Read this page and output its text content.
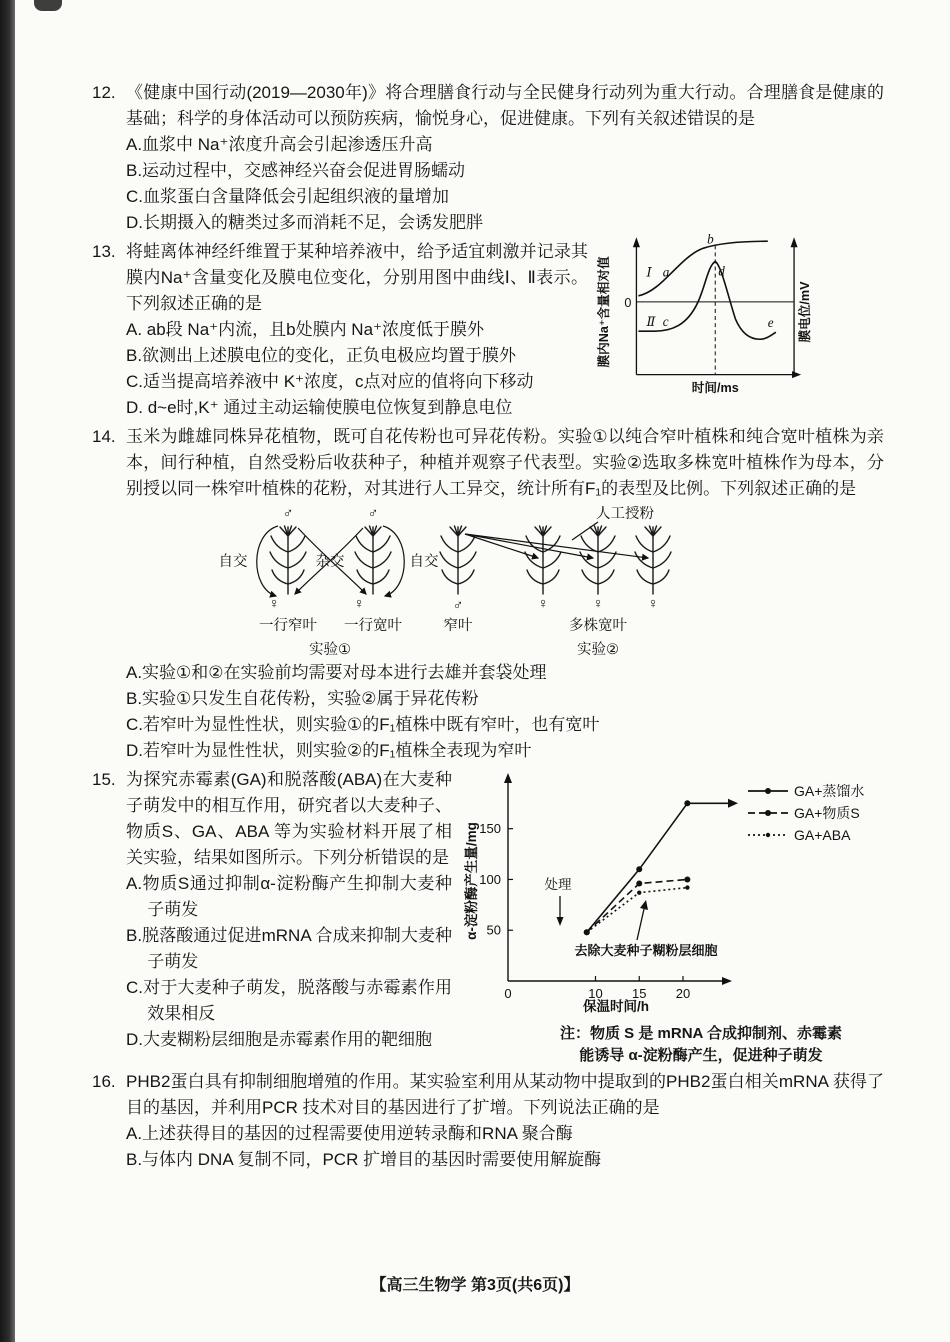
12. 《健康中国行动(2019—2030年)》将合理膳食行动与全民健身行动列为重大行动。合理膳食是健康的基础；科学的身体活动可以预防疾病，愉悦身心，促进健康。下列有关叙述错误的是

A.血浆中 Na⁺浓度升高会引起渗透压升高

B.运动过程中，交感神经兴奋会促进胃肠蠕动

C.血浆蛋白含量降低会引起组织液的量增加

D.长期摄入的糖类过多而消耗不足，会诱发肥胖

膜内Na⁺含量相对值	膜电位/mV
时间/ms
0
Ⅰ a
b
Ⅱ c
d
e

13. 将蛙离体神经纤维置于某种培养液中，给予适宜刺激并记录其膜内Na⁺含量变化及膜电位变化，分别用图中曲线Ⅰ、Ⅱ表示。下列叙述正确的是

A. ab段 Na⁺内流，且b处膜内 Na⁺浓度低于膜外

B.欲测出上述膜电位的变化，正负电极应均置于膜外

C.适当提高培养液中 K⁺浓度，c点对应的值将向下移动

D. d~e时,K⁺ 通过主动运输使膜电位恢复到静息电位

14. 玉米为雌雄同株异花植物，既可自花传粉也可异花传粉。实验①以纯合窄叶植株和纯合宽叶植株为亲本，间行种植，自然受粉后收获种子，种植并观察子代表型。实验②选取多株宽叶植株作为母本，分别授以同一株窄叶植株的花粉，对其进行人工异交，统计所有F₁的表型及比例。下列叙述正确的是

♂	♂
♀	♀	♂	♀	♀	♀
自交	杂交	自交
人工授粉
一行窄叶 一行宽叶	窄叶	多株宽叶
实验①	实验②

A.实验①和②在实验前均需要对母本进行去雄并套袋处理

B.实验①只发生自花传粉，实验②属于异花传粉

C.若窄叶为显性性状，则实验①的F₁植株中既有窄叶，也有宽叶

D.若窄叶为显性性状，则实验②的F₁植株全表现为窄叶

α-淀粉酶产生量/mg
保温时间/h
处理
去除大麦种子糊粉层细胞
0	10 15 20
50
100
150
GA+蒸馏水
GA+物质S
GA+ABA
注：物质 S 是 mRNA 合成抑制剂、赤霉素
能诱导 α-淀粉酶产生，促进种子萌发

15. 为探究赤霉素(GA)和脱落酸(ABA)在大麦种子萌发中的相互作用，研究者以大麦种子、物质S、GA、ABA 等为实验材料开展了相关实验，结果如图所示。下列分析错误的是

A.物质S通过抑制α-淀粉酶产生抑制大麦种子萌发

B.脱落酸通过促进mRNA 合成来抑制大麦种子萌发

C.对于大麦种子萌发，脱落酸与赤霉素作用效果相反

D.大麦糊粉层细胞是赤霉素作用的靶细胞

16. PHB2蛋白具有抑制细胞增殖的作用。某实验室利用从某动物中提取到的PHB2蛋白相关mRNA 获得了目的基因，并利用PCR 技术对目的基因进行了扩增。下列说法正确的是

A.上述获得目的基因的过程需要使用逆转录酶和RNA 聚合酶

B.与体内 DNA 复制不同，PCR 扩增目的基因时需要使用解旋酶

【高三生物学 第3页(共6页)】
